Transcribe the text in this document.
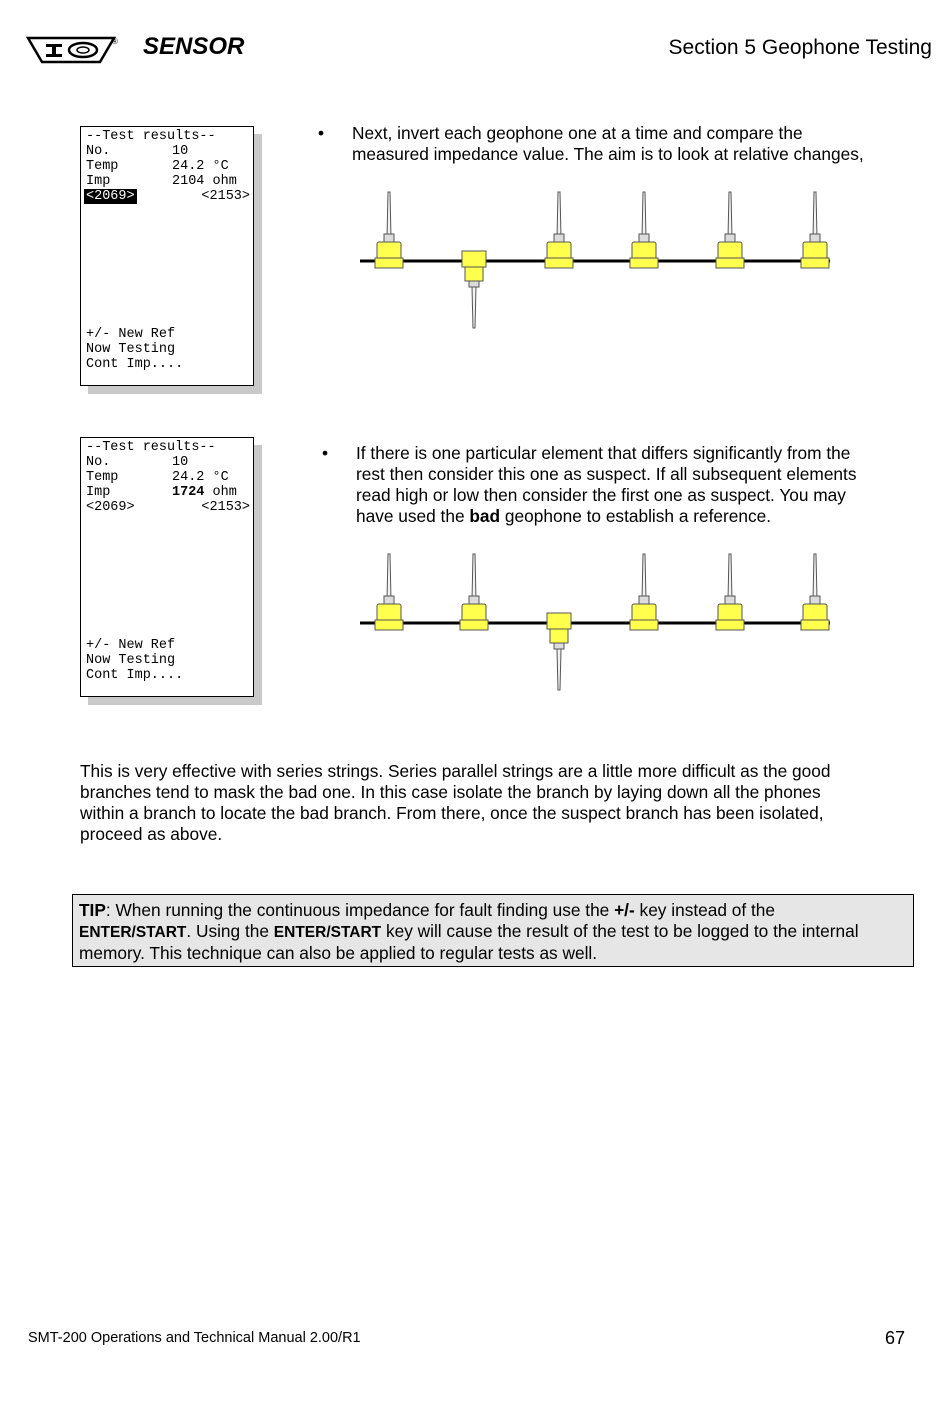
® SENSOR	Section 5 Geophone Testing
--Test results--
No.	10
Temp	24.2 °C
Imp	2104 ohm
<2069>	<2153>
+/- New Ref
Now Testing
Cont Imp....
• Next, invert each geophone one at a time and compare the
measured impedance value. The aim is to look at relative changes,
--Test results--
No.	10
Temp	24.2 °C
Imp	1724 ohm
<2069>	<2153>
+/- New Ref
Now Testing
Cont Imp....
• If there is one particular element that differs significantly from the
rest then consider this one as suspect. If all subsequent elements
read high or low then consider the first one as suspect. You may
have used the bad geophone to establish a reference.
This is very effective with series strings. Series parallel strings are a little more difficult as the good
branches tend to mask the bad one. In this case isolate the branch by laying down all the phones
within a branch to locate the bad branch. From there, once the suspect branch has been isolated,
proceed as above.
TIP: When running the continuous impedance for fault finding use the +/- key instead of the
ENTER/START. Using the ENTER/START key will cause the result of the test to be logged to the internal
memory. This technique can also be applied to regular tests as well.
SMT-200 Operations and Technical Manual 2.00/R1	67
